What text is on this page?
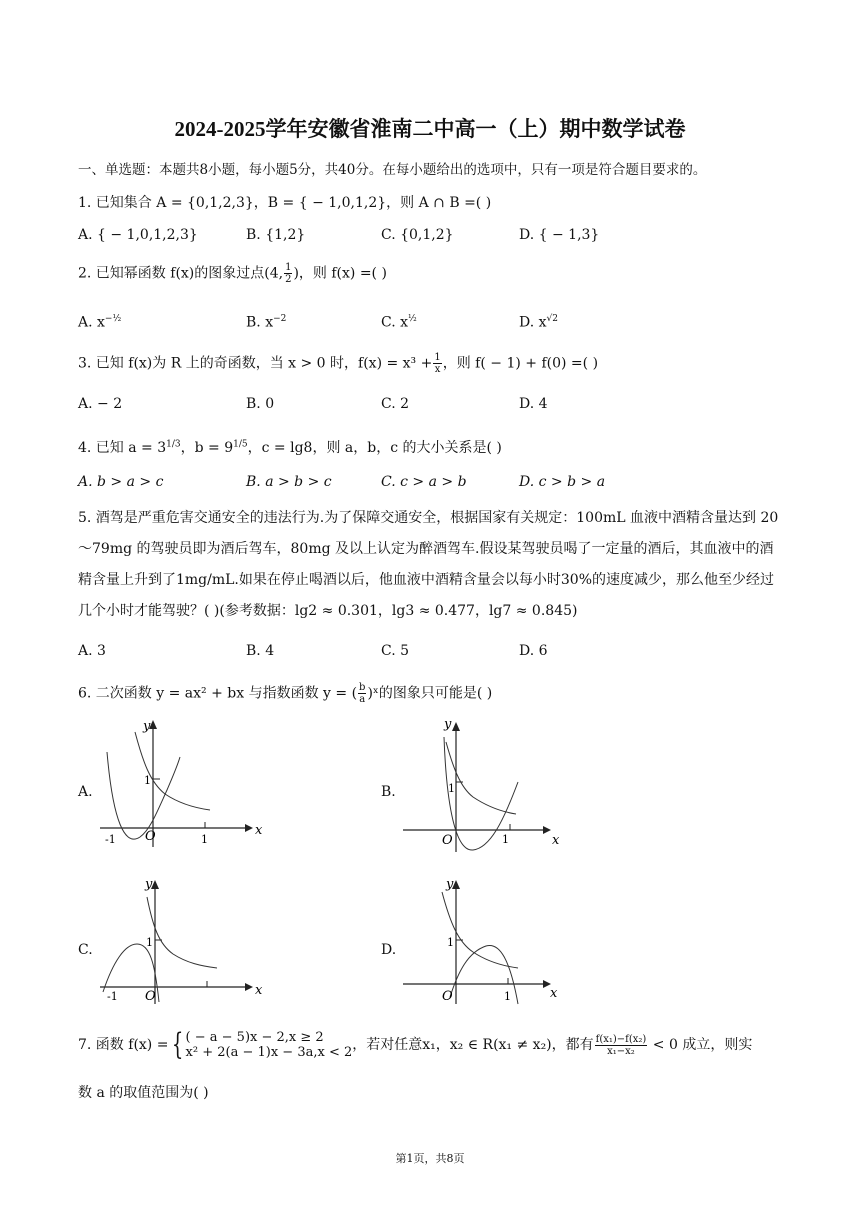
2024-2025学年安徽省淮南二中高一（上）期中数学试卷
一、单选题：本题共8小题，每小题5分，共40分。在每小题给出的选项中，只有一项是符合题目要求的。
1. 已知集合 A = {0,1,2,3}，B = { − 1,0,1,2}，则 A ∩ B =( )
A. { − 1,0,1,2,3}	B. {1,2}	C. {0,1,2}	D. { − 1,3}
2. 已知幂函数 f(x)的图象过点(4, $\frac{1}{2}$ )，则 f(x) =( )
A. $x^{-\frac{1}{2}}$	B. $x^{-2}$	C. $x^{\frac{1}{2}}$	D. $x^{√2}$
3. 已知 f(x)为 R 上的奇函数，当 x > 0 时，$f(x) = x^3 + \frac{1}{x}$ ，则 f( − 1) + f(0) =( )
A. − 2	B. 0	C. 2	D. 4
4. 已知 $a = 3^{1/3}$，$b = 9^{1/5}$，c = lg8，则 a，b，c 的大小关系是( )
A. b > a > c	B. a > b > c	C. c > a > b	D. c > b > a
5. 酒驾是严重危害交通安全的违法行为.为了保障交通安全，根据国家有关规定：100mL 血液中酒精含量达到 20～79mg 的驾驶员即为酒后驾车，80mg 及以上认定为醉酒驾车.假设某驾驶员喝了一定量的酒后，其血液中的酒精含量上升到了1mg/mL.如果在停止喝酒以后，他血液中酒精含量会以每小时30%的速度减少，那么他至少经过几个小时才能驾驶？( )(参考数据：lg2 ≈ 0.301，lg3 ≈ 0.477，lg7 ≈ 0.845)
A. 3	B. 4	C. 5	D. 6
6. 二次函数 y = ax² + bx 与指数函数 y = ( $\frac{b}{a}$ )ˣ的图象只可能是( )
A.	B.
C.	D.
x
y
O
1
1
-1	x
y
O
1
1
x
y
O
1
-1	x
y
O
1
1
7. 函数 f(x) = { ( − a − 5)x − 2,x ≥ 2
x² + 2(a − 1)x − 3a,x < 2 ，若对任意x₁，x₂ ∈ R(x₁ ≠ x₂)，都有 $\frac{\text{f(x₁)−f(x₂)}}{\text{x₁−x₂}} < 0$ 成立，则实
数 a 的取值范围为( )
第1页，共8页
